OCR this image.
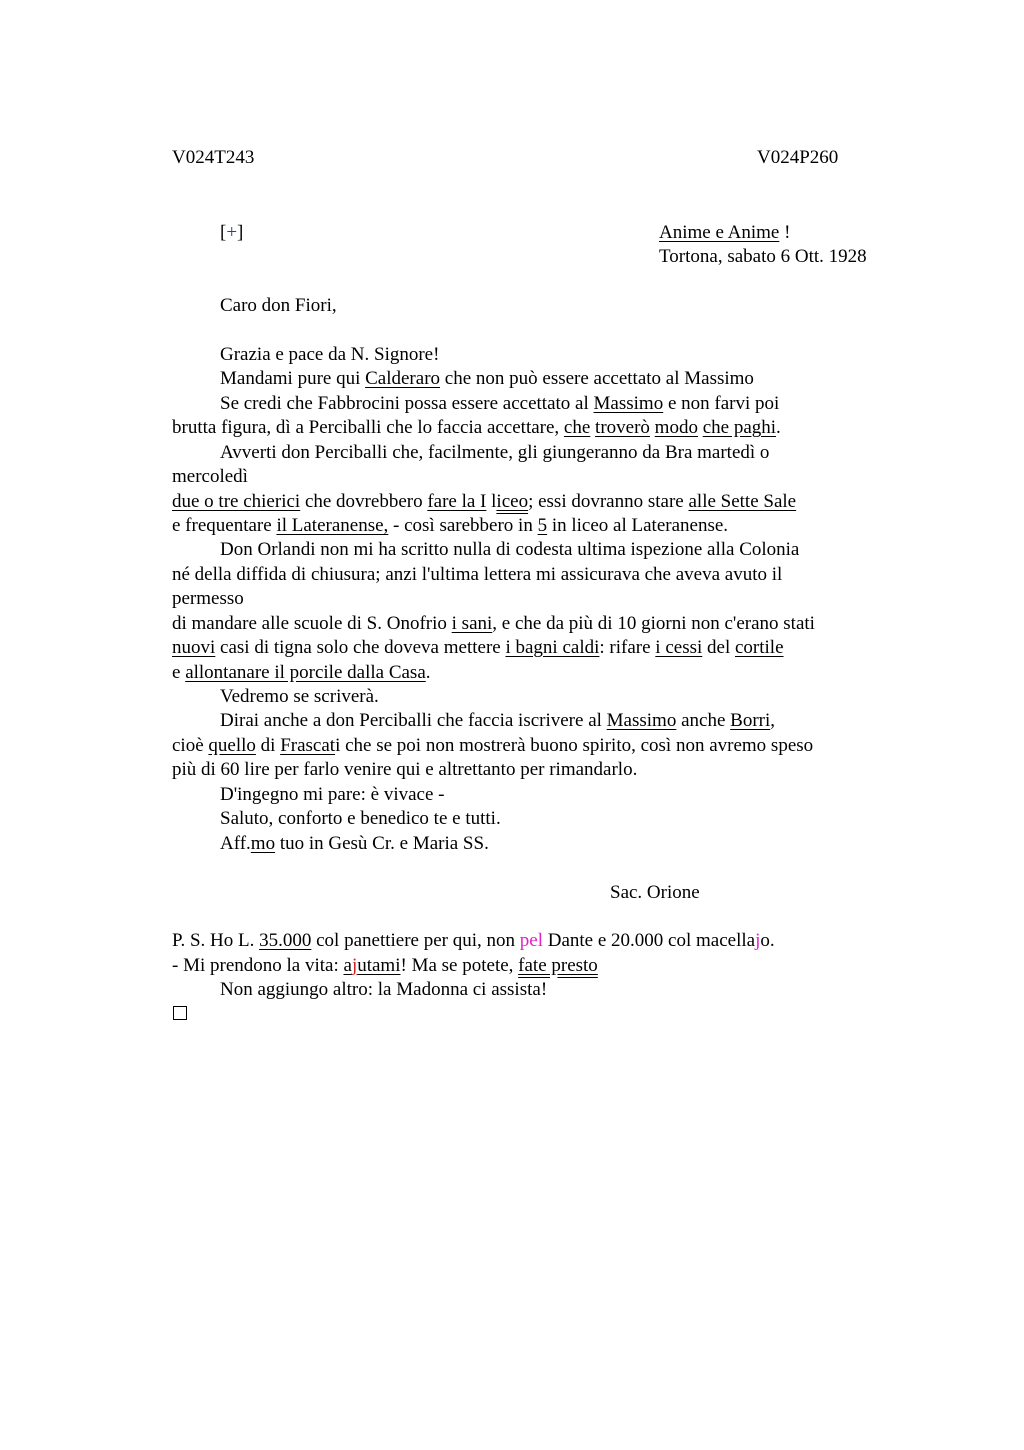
V024T243	V024P260
[+]	Anime e Anime !
Tortona, sabato 6 Ott. 1928
Caro don Fiori,
Grazia e pace da N. Signore!
Mandami pure qui Calderaro che non può essere accettato al Massimo
Se credi che Fabbrocini possa essere accettato al Massimo e non farvi poi
brutta figura, dì a Perciballi che lo faccia accettare, che troverò modo che paghi.
Avverti don Perciballi che, facilmente, gli giungeranno da Bra martedì o
mercoledì
due o tre chierici che dovrebbero fare la I liceo; essi dovranno stare alle Sette Sale
e frequentare il Lateranense, - così sarebbero in 5 in liceo al Lateranense.
Don Orlandi non mi ha scritto nulla di codesta ultima ispezione alla Colonia
né della diffida di chiusura; anzi l'ultima lettera mi assicurava che aveva avuto il
permesso
di mandare alle scuole di S. Onofrio i sani, e che da più di 10 giorni non c'erano stati
nuovi casi di tigna solo che doveva mettere i bagni caldi: rifare i cessi del cortile
e allontanare il porcile dalla Casa.
Vedremo se scriverà.
Dirai anche a don Perciballi che faccia iscrivere al Massimo anche Borri,
cioè quello di Frascati che se poi non mostrerà buono spirito, così non avremo speso
più di 60 lire per farlo venire qui e altrettanto per rimandarlo.
D'ingegno mi pare: è vivace -
Saluto, conforto e benedico te e tutti.
Aff.mo tuo in Gesù Cr. e Maria SS.
Sac. Orione
P. S. Ho L. 35.000 col panettiere per qui, non pel Dante e 20.000 col macellajo.
- Mi prendono la vita: ajutami! Ma se potete, fate presto
Non aggiungo altro: la Madonna ci assista!
